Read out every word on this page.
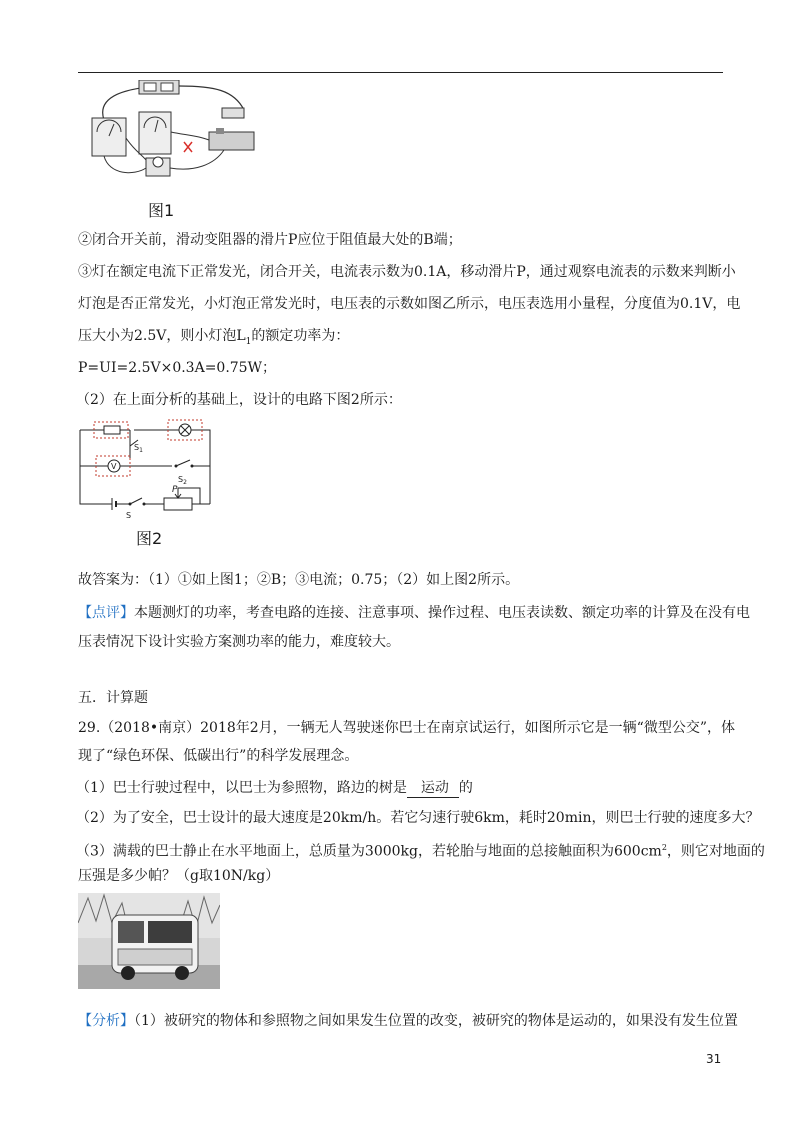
图1
②闭合开关前，滑动变阻器的滑片P应位于阻值最大处的B端；
③灯在额定电流下正常发光，闭合开关，电流表示数为0.1A，移动滑片P，通过观察电流表的示数来判断小
灯泡是否正常发光，小灯泡正常发光时，电压表的示数如图乙所示，电压表选用小量程，分度值为0.1V，电
压大小为2.5V，则小灯泡$L_1$的额定功率为：
P=UI=2.5V×0.3A=0.75W；
（2）在上面分析的基础上，设计的电路下图2所示：
V
$S_1$
$S_2$
S
P
图2
故答案为：（1）①如上图1；②B；③电流；0.75；（2）如上图2所示。
【点评】本题测灯的功率，考查电路的连接、注意事项、操作过程、电压表读数、额定功率的计算及在没有电
压表情况下设计实验方案测功率的能力，难度较大。
五．计算题
29.（2018•南京）2018年2月，一辆无人驾驶迷你巴士在南京试运行，如图所示它是一辆“微型公交”，体
现了“绿色环保、低碳出行”的科学发展理念。
（1）巴士行驶过程中，以巴士为参照物，路边的树是 运动 的
（2）为了安全，巴士设计的最大速度是20km/h。若它匀速行驶6km，耗时20min，则巴士行驶的速度多大？
（3）满载的巴士静止在水平地面上，总质量为3000kg，若轮胎与地面的总接触面积为$600cm^2$，则它对地面的
压强是多少帕？（g取10N/kg）
【分析】（1）被研究的物体和参照物之间如果发生位置的改变，被研究的物体是运动的，如果没有发生位置
31
